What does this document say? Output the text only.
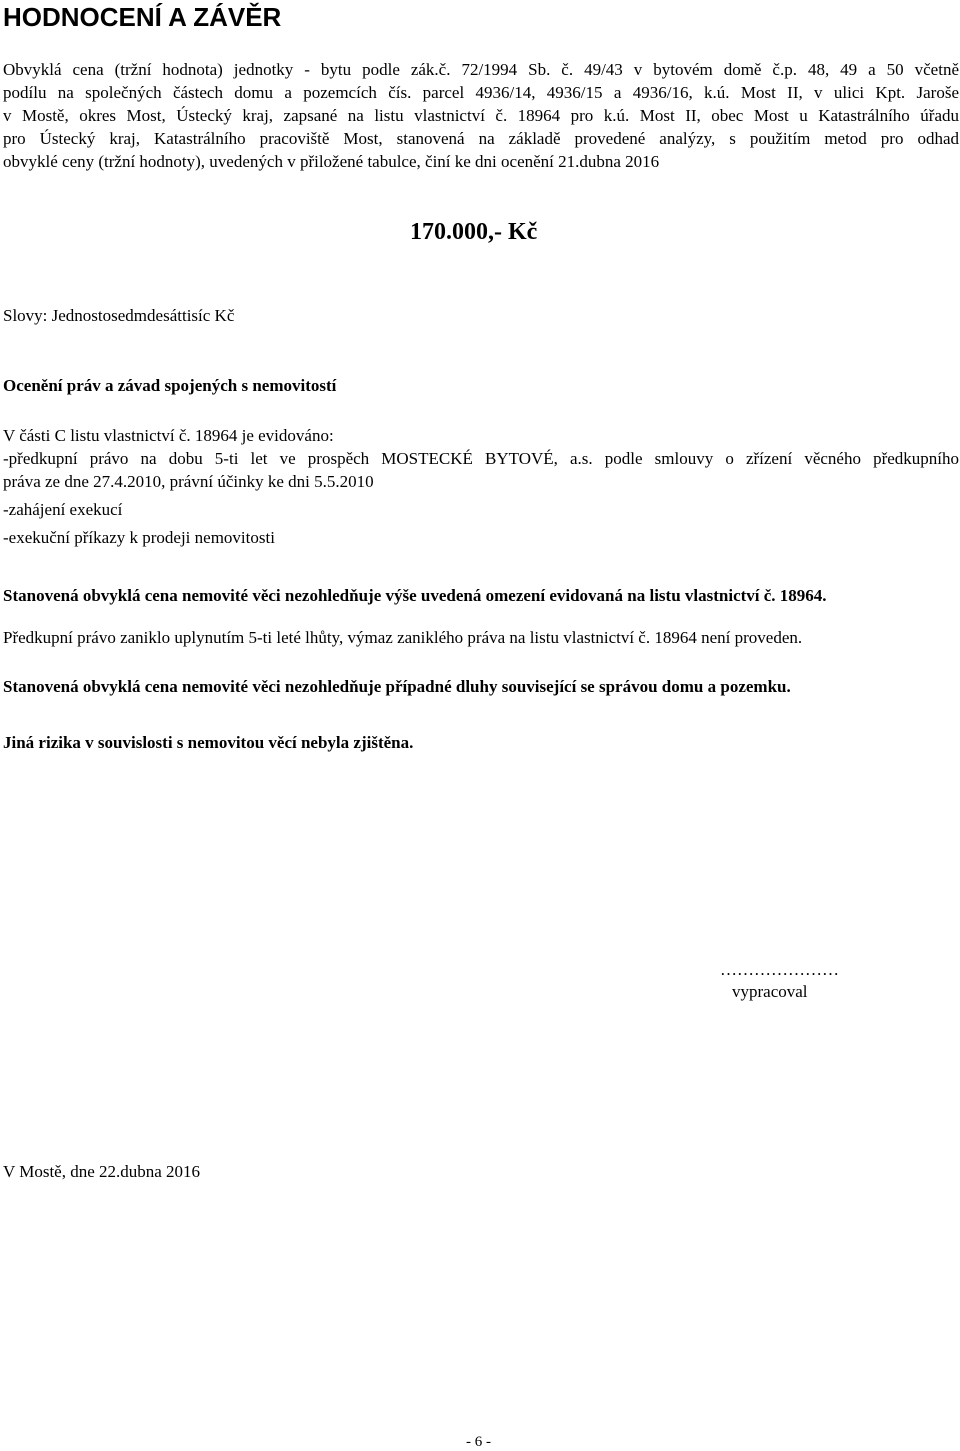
HODNOCENÍ A ZÁVĚR

Obvyklá cena (tržní hodnota) jednotky - bytu podle zák.č. 72/1994 Sb. č. 49/43 v bytovém domě č.p. 48, 49 a 50 včetně
podílu na společných částech domu a pozemcích čís. parcel 4936/14, 4936/15 a 4936/16, k.ú. Most II, v ulici Kpt. Jaroše
v Mostě, okres Most, Ústecký kraj, zapsané na listu vlastnictví č. 18964 pro k.ú. Most II, obec Most u Katastrálního úřadu
pro Ústecký kraj, Katastrálního pracoviště Most, stanovená na základě provedené analýzy, s použitím metod pro odhad
obvyklé ceny (tržní hodnoty), uvedených v přiložené tabulce, činí ke dni ocenění 21.dubna 2016

170.000,- Kč

Slovy: Jednostosedmdesáttisíc Kč

Ocenění práv a závad spojených s nemovitostí

V části C listu vlastnictví č. 18964 je evidováno:

-předkupní právo na dobu 5-ti let ve prospěch MOSTECKÉ BYTOVÉ, a.s. podle smlouvy o zřízení věcného předkupního
práva ze dne 27.4.2010, právní účinky ke dni 5.5.2010

-zahájení exekucí

-exekuční příkazy k prodeji nemovitosti

Stanovená obvyklá cena nemovité věci nezohledňuje výše uvedená omezení evidovaná na listu vlastnictví č. 18964.

Předkupní právo zaniklo uplynutím 5-ti leté lhůty, výmaz zaniklého práva na listu vlastnictví č. 18964 není proveden.

Stanovená obvyklá cena nemovité věci nezohledňuje případné dluhy související se správou domu a pozemku.

Jiná rizika v souvislosti s nemovitou věcí nebyla zjištěna.

…………………

vypracoval

V Mostě, dne 22.dubna 2016

- 6 -
